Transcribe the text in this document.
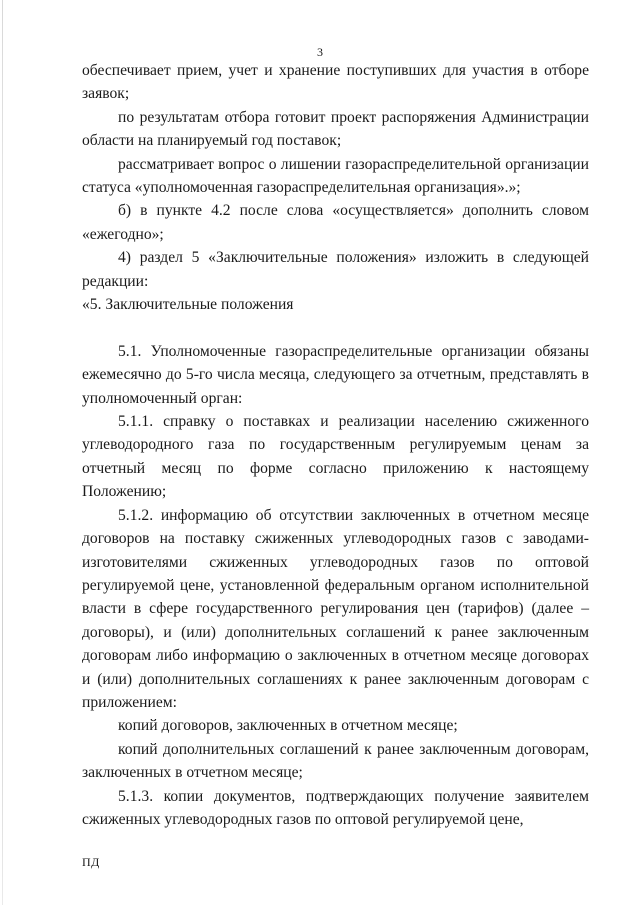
3

обеспечивает прием, учет и хранение поступивших для участия в отборе заявок;

по результатам отбора готовит проект распоряжения Администрации области на планируемый год поставок;

рассматривает вопрос о лишении газораспределительной организации статуса «уполномоченная газораспределительная организация».»;

б) в пункте 4.2 после слова «осуществляется» дополнить словом «ежегодно»;

4) раздел 5 «Заключительные положения» изложить в следующей редакции:

«5. Заключительные положения

5.1. Уполномоченные газораспределительные организации обязаны ежемесячно до 5-го числа месяца, следующего за отчетным, представлять в уполномоченный орган:

5.1.1. справку о поставках и реализации населению сжиженного углеводородного газа по государственным регулируемым ценам за отчетный месяц по форме согласно приложению к настоящему Положению;

5.1.2. информацию об отсутствии заключенных в отчетном месяце договоров на поставку сжиженных углеводородных газов с заводами-изготовителями сжиженных углеводородных газов по оптовой регулируемой цене, установленной федеральным органом исполнительной власти в сфере государственного регулирования цен (тарифов) (далее – договоры), и (или) дополнительных соглашений к ранее заключенным договорам либо информацию о заключенных в отчетном месяце договорах и (или) дополнительных соглашениях к ранее заключенным договорам с приложением:

копий договоров, заключенных в отчетном месяце;

копий дополнительных соглашений к ранее заключенным договорам, заключенных в отчетном месяце;

5.1.3. копии документов, подтверждающих получение заявителем сжиженных углеводородных газов по оптовой регулируемой цене,

ПД
